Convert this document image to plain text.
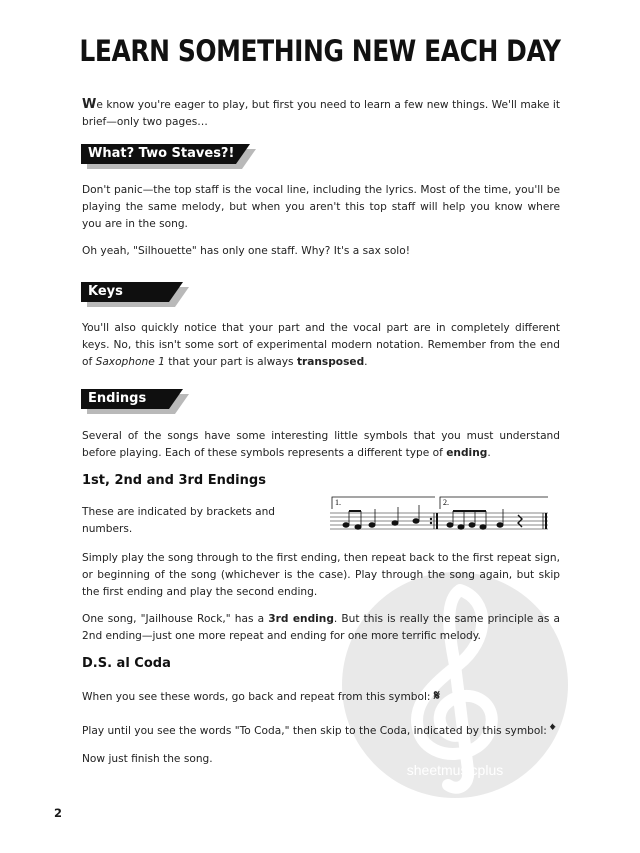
sheetmusicplus
LEARN SOMETHING NEW EACH DAY
We know you're eager to play, but first you need to learn a few new things. We'll make it brief—only two pages…
What? Two Staves?!
Don't panic—the top staff is the vocal line, including the lyrics. Most of the time, you'll be playing the same melody, but when you aren't this top staff will help you know where you are in the song.
Oh yeah, "Silhouette" has only one staff. Why? It's a sax solo!
Keys
You'll also quickly notice that your part and the vocal part are in completely different keys. No, this isn't some sort of experimental modern notation. Remember from the end of Saxophone 1 that your part is always transposed.
Endings
Several of the songs have some interesting little symbols that you must understand before playing. Each of these symbols represents a different type of ending.
1st, 2nd and 3rd Endings
These are indicated by brackets and numbers.
1.	2.
Simply play the song through to the first ending, then repeat back to the first repeat sign, or beginning of the song (whichever is the case). Play through the song again, but skip the first ending and play the second ending.
One song, "Jailhouse Rock," has a 3rd ending. But this is really the same principle as a 2nd ending—just one more repeat and ending for one more terrific melody.
D.S. al Coda
When you see these words, go back and repeat from this symbol: 𝄋
Play until you see the words "To Coda," then skip to the Coda, indicated by this symbol: 𝄌
Now just finish the song.
2
